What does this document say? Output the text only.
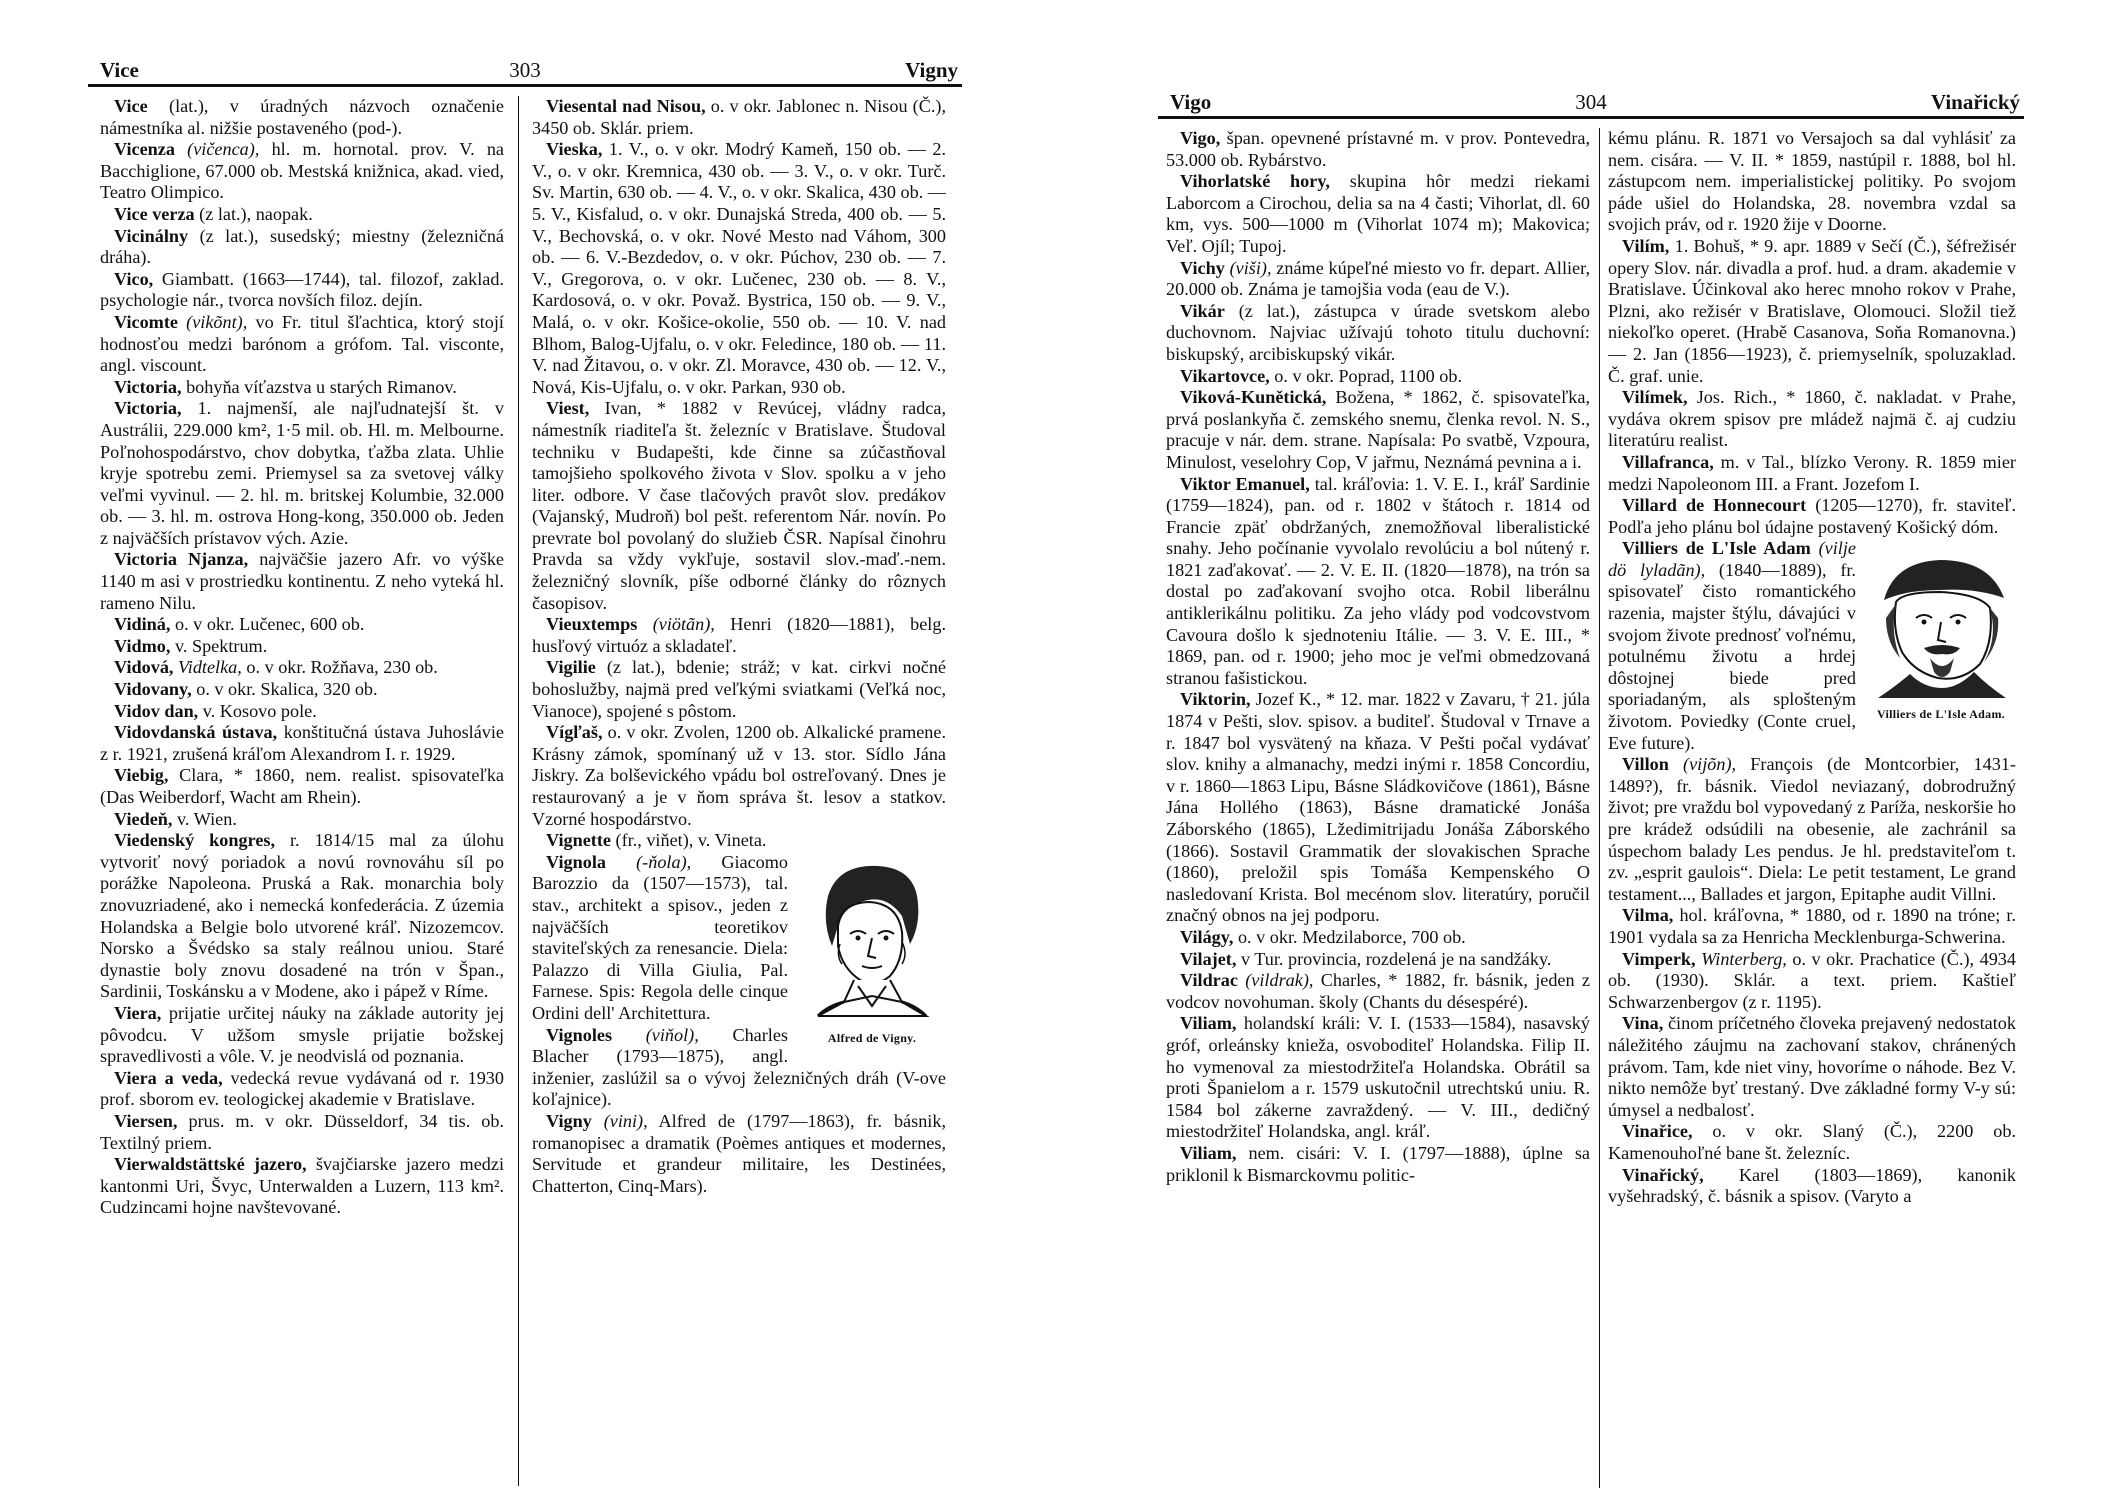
Vice	303	Vigny

Vice (lat.), v úradných názvoch označenie námestníka al. nižšie postaveného (pod-).

Vicenza (vičenca), hl. m. hornotal. prov. V. na Bacchiglione, 67.000 ob. Mestská knižnica, akad. vied, Teatro Olimpico.

Vice verza (z lat.), naopak.

Vicinálny (z lat.), susedský; miestny (železničná dráha).

Vico, Giambatt. (1663—1744), tal. filozof, zaklad. psychologie nár., tvorca novších filoz. dejín.

Vicomte (vikõnt), vo Fr. titul šľachtica, ktorý stojí hodnosťou medzi barónom a grófom. Tal. visconte, angl. viscount.

Victoria, bohyňa víťazstva u starých Rimanov.

Victoria, 1. najmenší, ale najľudnatejší št. v Austrálii, 229.000 km², 1·5 mil. ob. Hl. m. Melbourne. Poľnohospodárstvo, chov dobytka, ťažba zlata. Uhlie kryje spotrebu zemi. Priemysel sa za svetovej války veľmi vyvinul. — 2. hl. m. britskej Kolumbie, 32.000 ob. — 3. hl. m. ostrova Hong-kong, 350.000 ob. Jeden z najväčších prístavov vých. Azie.

Victoria Njanza, najväčšie jazero Afr. vo výške 1140 m asi v prostriedku kontinentu. Z neho vyteká hl. rameno Nilu.

Vidiná, o. v okr. Lučenec, 600 ob.

Vidmo, v. Spektrum.

Vidová, Vidtelka, o. v okr. Rožňava, 230 ob.

Vidovany, o. v okr. Skalica, 320 ob.

Vidov dan, v. Kosovo pole.

Vidovdanská ústava, konštitučná ústava Juhoslávie z r. 1921, zrušená kráľom Alexandrom I. r. 1929.

Viebig, Clara, * 1860, nem. realist. spisovateľka (Das Weiberdorf, Wacht am Rhein).

Viedeň, v. Wien.

Viedenský kongres, r. 1814/15 mal za úlohu vytvoriť nový poriadok a novú rovnováhu síl po porážke Napoleona. Pruská a Rak. monarchia boly znovuzriadené, ako i nemecká konfederácia. Z územia Holandska a Belgie bolo utvorené kráľ. Nizozemcov. Norsko a Švédsko sa staly reálnou uniou. Staré dynastie boly znovu dosadené na trón v Špan., Sardinii, Toskánsku a v Modene, ako i pápež v Ríme.

Viera, prijatie určitej náuky na základe autority jej pôvodcu. V užšom smysle prijatie božskej spravedlivosti a vôle. V. je neodvislá od poznania.

Viera a veda, vedecká revue vydávaná od r. 1930 prof. sborom ev. teologickej akademie v Bratislave.

Viersen, prus. m. v okr. Düsseldorf, 34 tis. ob. Textilný priem.

Vierwaldstättské jazero, švajčiarske jazero medzi kantonmi Uri, Švyc, Unterwalden a Luzern, 113 km². Cudzincami hojne navštevované.

Viesental nad Nisou, o. v okr. Jablonec n. Nisou (Č.), 3450 ob. Sklár. priem.

Vieska, 1. V., o. v okr. Modrý Kameň, 150 ob. — 2. V., o. v okr. Kremnica, 430 ob. — 3. V., o. v okr. Turč. Sv. Martin, 630 ob. — 4. V., o. v okr. Skalica, 430 ob. — 5. V., Kisfalud, o. v okr. Dunajská Streda, 400 ob. — 5. V., Bechovská, o. v okr. Nové Mesto nad Váhom, 300 ob. — 6. V.-Bezdedov, o. v okr. Púchov, 230 ob. — 7. V., Gregorova, o. v okr. Lučenec, 230 ob. — 8. V., Kardosová, o. v okr. Považ. Bystrica, 150 ob. — 9. V., Malá, o. v okr. Košice-okolie, 550 ob. — 10. V. nad Blhom, Balog-Ujfalu, o. v okr. Feledince, 180 ob. — 11. V. nad Žitavou, o. v okr. Zl. Moravce, 430 ob. — 12. V., Nová, Kis-Ujfalu, o. v okr. Parkan, 930 ob.

Viest, Ivan, * 1882 v Revúcej, vládny radca, námestník riaditeľa št. železníc v Bratislave. Študoval techniku v Budapešti, kde činne sa zúčastňoval tamojšieho spolkového života v Slov. spolku a v jeho liter. odbore. V čase tlačových pravôt slov. predákov (Vajanský, Mudroň) bol pešt. referentom Nár. novín. Po prevrate bol povolaný do služieb ČSR. Napísal činohru Pravda sa vždy vykľuje, sostavil slov.-maď.-nem. železničný slovník, píše odborné články do rôznych časopisov.

Vieuxtemps (viötãn), Henri (1820—1881), belg. husľový virtuóz a skladateľ.

Vigilie (z lat.), bdenie; stráž; v kat. cirkvi nočné bohoslužby, najmä pred veľkými sviatkami (Veľká noc, Vianoce), spojené s pôstom.

Vígľaš, o. v okr. Zvolen, 1200 ob. Alkalické pramene. Krásny zámok, spomínaný už v 13. stor. Sídlo Jána Jiskry. Za bolševického vpádu bol ostreľovaný. Dnes je restaurovaný a je v ňom správa št. lesov a statkov. Vzorné hospodárstvo.

Vignette (fr., viňet), v. Vineta.

Alfred de Vigny.

Vignola (-ňola), Giacomo Barozzio da (1507—1573), tal. stav., architekt a spisov., jeden z najväčších teoretikov staviteľských za renesancie. Diela: Palazzo di Villa Giulia, Pal. Farnese. Spis: Regola delle cinque Ordini dell' Architettura.

Vignoles (viňol), Charles Blacher (1793—1875), angl. inženier, zaslúžil sa o vývoj železničných dráh (V-ove koľajnice).

Vigny (vini), Alfred de (1797—1863), fr. básnik, romanopisec a dramatik (Poèmes antiques et modernes, Servitude et grandeur militaire, les Destinées, Chatterton, Cinq-Mars).

Vigo	304	Vinařický

Vigo, špan. opevnené prístavné m. v prov. Pontevedra, 53.000 ob. Rybárstvo.

Vihorlatské hory, skupina hôr medzi riekami Laborcom a Cirochou, delia sa na 4 časti; Vihorlat, dl. 60 km, vys. 500—1000 m (Vihorlat 1074 m); Makovica; Veľ. Ojíl; Tupoj.

Vichy (viši), známe kúpeľné miesto vo fr. depart. Allier, 20.000 ob. Známa je tamojšia voda (eau de V.).

Vikár (z lat.), zástupca v úrade svetskom alebo duchovnom. Najviac užívajú tohoto titulu duchovní: biskupský, arcibiskupský vikár.

Vikartovce, o. v okr. Poprad, 1100 ob.

Viková-Kunětická, Božena, * 1862, č. spisovateľka, prvá poslankyňa č. zemského snemu, členka revol. N. S., pracuje v nár. dem. strane. Napísala: Po svatbě, Vzpoura, Minulost, veselohry Cop, V jařmu, Neznámá pevnina a i.

Viktor Emanuel, tal. kráľovia: 1. V. E. I., kráľ Sardinie (1759—1824), pan. od r. 1802 v štátoch r. 1814 od Francie zpäť obdržaných, znemožňoval liberalistické snahy. Jeho počínanie vyvolalo revolúciu a bol nútený r. 1821 zaďakovať. — 2. V. E. II. (1820—1878), na trón sa dostal po zaďakovaní svojho otca. Robil liberálnu antiklerikálnu politiku. Za jeho vlády pod vodcovstvom Cavoura došlo k sjednoteniu Itálie. — 3. V. E. III., * 1869, pan. od r. 1900; jeho moc je veľmi obmedzovaná stranou fašistickou.

Viktorin, Jozef K., * 12. mar. 1822 v Zavaru, † 21. júla 1874 v Pešti, slov. spisov. a buditeľ. Študoval v Trnave a r. 1847 bol vysvätený na kňaza. V Pešti počal vydávať slov. knihy a almanachy, medzi inými r. 1858 Concordiu, v r. 1860—1863 Lipu, Básne Sládkovičove (1861), Básne Jána Hollého (1863), Básne dramatické Jonáša Záborského (1865), Lžedimitrijadu Jonáša Záborského (1866). Sostavil Grammatik der slovakischen Sprache (1860), preložil spis Tomáša Kempenského O nasledovaní Krista. Bol mecénom slov. literatúry, poručil značný obnos na jej podporu.

Világy, o. v okr. Medzilaborce, 700 ob.

Vilajet, v Tur. provincia, rozdelená je na sandžáky.

Vildrac (vildrak), Charles, * 1882, fr. básnik, jeden z vodcov novohuman. školy (Chants du désespéré).

Viliam, holandskí králi: V. I. (1533—1584), nasavský gróf, orleánsky knieža, osvoboditeľ Holandska. Filip II. ho vymenoval za miestodržiteľa Holandska. Obrátil sa proti Španielom a r. 1579 uskutočnil utrechtskú uniu. R. 1584 bol zákerne zavraždený. — V. III., dedičný miestodržiteľ Holandska, angl. kráľ.

Viliam, nem. cisári: V. I. (1797—1888), úplne sa priklonil k Bismarckovmu politic-

kému plánu. R. 1871 vo Versajoch sa dal vyhlásiť za nem. cisára. — V. II. * 1859, nastúpil r. 1888, bol hl. zástupcom nem. imperialistickej politiky. Po svojom páde ušiel do Holandska, 28. novembra vzdal sa svojich práv, od r. 1920 žije v Doorne.

Vilím, 1. Bohuš, * 9. apr. 1889 v Sečí (Č.), šéfrežisér opery Slov. nár. divadla a prof. hud. a dram. akademie v Bratislave. Účinkoval ako herec mnoho rokov v Prahe, Plzni, ako režisér v Bratislave, Olomouci. Složil tiež niekoľko operet. (Hrabě Casanova, Soňa Romanovna.) — 2. Jan (1856—1923), č. priemyselník, spoluzaklad. Č. graf. unie.

Vilímek, Jos. Rich., * 1860, č. nakladat. v Prahe, vydáva okrem spisov pre mládež najmä č. aj cudziu literatúru realist.

Villafranca, m. v Tal., blízko Verony. R. 1859 mier medzi Napoleonom III. a Frant. Jozefom I.

Villard de Honnecourt (1205—1270), fr. staviteľ. Podľa jeho plánu bol údajne postavený Košický dóm.

Villiers de L'Isle Adam.

Villiers de L'Isle Adam (vilje dö lyladãn), (1840—1889), fr. spisovateľ čisto romantického razenia, majster štýlu, dávajúci v svojom živote prednosť voľnému, potulnému životu a hrdej dôstojnej biede pred sporiadaným, als splošteným životom. Poviedky (Conte cruel, Eve future).

Villon (vijõn), François (de Montcorbier, 1431-1489?), fr. básnik. Viedol neviazaný, dobrodružný život; pre vraždu bol vypovedaný z Paríža, neskoršie ho pre krádež odsúdili na obesenie, ale zachránil sa úspechom balady Les pendus. Je hl. predstaviteľom t. zv. „esprit gaulois“. Diela: Le petit testament, Le grand testament..., Ballades et jargon, Epitaphe audit Villni.

Vilma, hol. kráľovna, * 1880, od r. 1890 na tróne; r. 1901 vydala sa za Henricha Mecklenburga-Schwerina.

Vimperk, Winterberg, o. v okr. Prachatice (Č.), 4934 ob. (1930). Sklár. a text. priem. Kaštieľ Schwarzenbergov (z r. 1195).

Vina, činom príčetného človeka prejavený nedostatok náležitého záujmu na zachovaní stakov, chránených právom. Tam, kde niet viny, hovoríme o náhode. Bez V. nikto nemôže byť trestaný. Dve základné formy V-y sú: úmysel a nedbalosť.

Vinařice, o. v okr. Slaný (Č.), 2200 ob. Kamenouhoľné bane št. železníc.

Vinařický, Karel (1803—1869), kanonik vyšehradský, č. básnik a spisov. (Varyto a
